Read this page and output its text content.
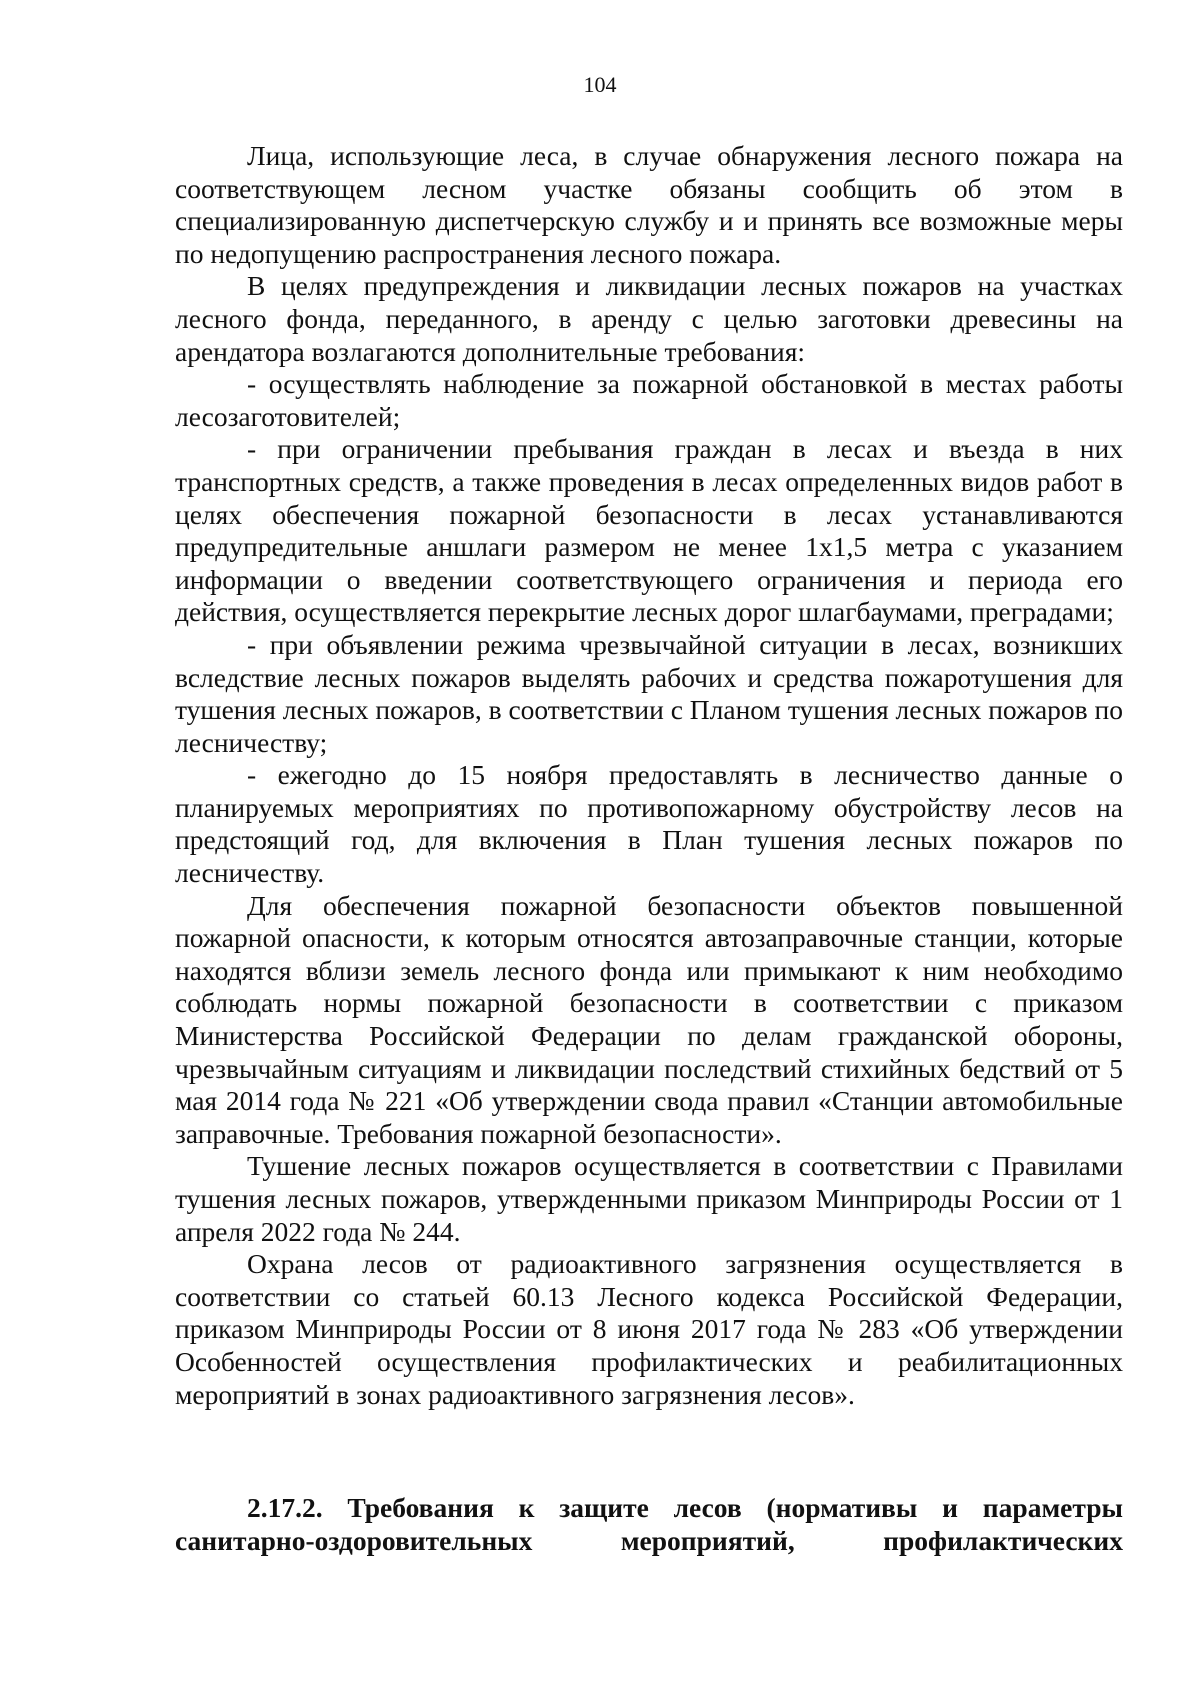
104

Лица, использующие леса, в случае обнаружения лесного пожара на соответствующем лесном участке обязаны сообщить об этом в специализированную диспетчерскую службу и и принять все возможные меры по недопущению распространения лесного пожара.

В целях предупреждения и ликвидации лесных пожаров на участках лесного фонда, переданного, в аренду с целью заготовки древесины на арендатора возлагаются дополнительные требования:

- осуществлять наблюдение за пожарной обстановкой в местах работы лесозаготовителей;

- при ограничении пребывания граждан в лесах и въезда в них транспортных средств, а также проведения в лесах определенных видов работ в целях обеспечения пожарной безопасности в лесах устанавливаются предупредительные аншлаги размером не менее 1х1,5 метра с указанием информации о введении соответствующего ограничения и периода его действия, осуществляется перекрытие лесных дорог шлагбаумами, преградами;

- при объявлении режима чрезвычайной ситуации в лесах, возникших вследствие лесных пожаров выделять рабочих и средства пожаротушения для тушения лесных пожаров, в соответствии с Планом тушения лесных пожаров по лесничеству;

- ежегодно до 15 ноября предоставлять в лесничество данные о планируемых мероприятиях по противопожарному обустройству лесов на предстоящий год, для включения в План тушения лесных пожаров по лесничеству.

Для обеспечения пожарной безопасности объектов повышенной пожарной опасности, к которым относятся автозаправочные станции, которые находятся вблизи земель лесного фонда или примыкают к ним необходимо соблюдать нормы пожарной безопасности в соответствии с приказом Министерства Российской Федерации по делам гражданской обороны, чрезвычайным ситуациям и ликвидации последствий стихийных бедствий от 5 мая 2014 года № 221 «Об утверждении свода правил «Станции автомобильные заправочные. Требования пожарной безопасности».

Тушение лесных пожаров осуществляется в соответствии с Правилами тушения лесных пожаров, утвержденными приказом Минприроды России от 1 апреля 2022 года № 244.

Охрана лесов от радиоактивного загрязнения осуществляется в соответствии со статьей 60.13 Лесного кодекса Российской Федерации, приказом Минприроды России от 8 июня 2017 года № 283 «Об утверждении Особенностей осуществления профилактических и реабилитационных мероприятий в зонах радиоактивного загрязнения лесов».

2.17.2. Требования к защите лесов (нормативы и параметры санитарно-оздоровительных мероприятий, профилактических
